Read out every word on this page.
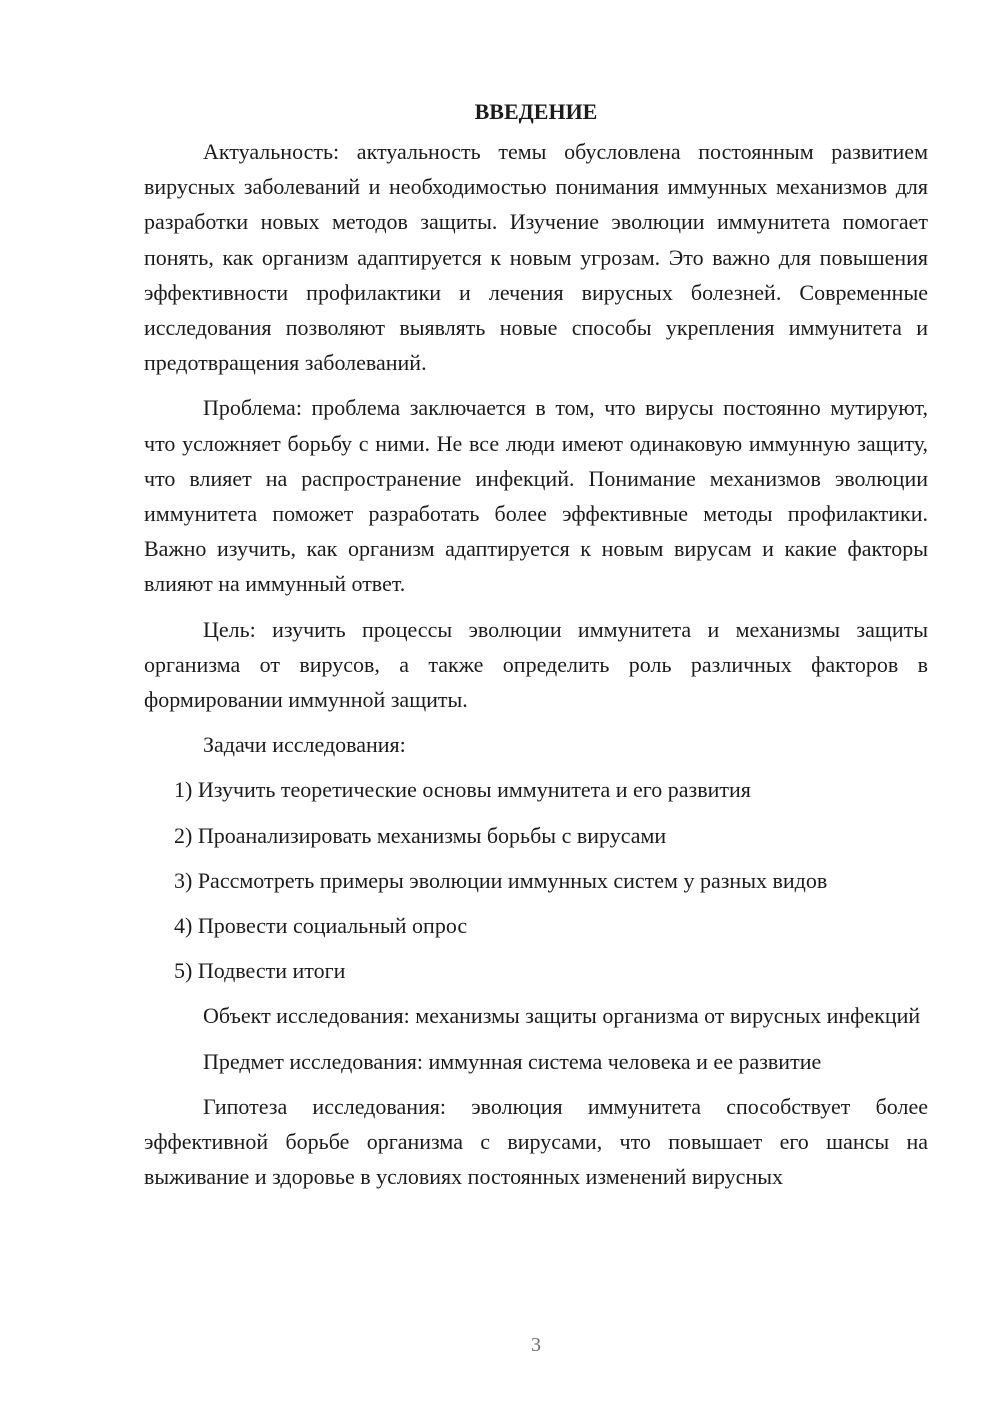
ВВЕДЕНИЕ

Актуальность: актуальность темы обусловлена постоянным развитием вирусных заболеваний и необходимостью понимания иммунных механизмов для разработки новых методов защиты. Изучение эволюции иммунитета помогает понять, как организм адаптируется к новым угрозам. Это важно для повышения эффективности профилактики и лечения вирусных болезней. Современные исследования позволяют выявлять новые способы укрепления иммунитета и предотвращения заболеваний.

Проблема: проблема заключается в том, что вирусы постоянно мутируют, что усложняет борьбу с ними. Не все люди имеют одинаковую иммунную защиту, что влияет на распространение инфекций. Понимание механизмов эволюции иммунитета поможет разработать более эффективные методы профилактики. Важно изучить, как организм адаптируется к новым вирусам и какие факторы влияют на иммунный ответ.

Цель: изучить процессы эволюции иммунитета и механизмы защиты организма от вирусов, а также определить роль различных факторов в формировании иммунной защиты.

Задачи исследования:
1) Изучить теоретические основы иммунитета и его развития
2) Проанализировать механизмы борьбы с вирусами
3) Рассмотреть примеры эволюции иммунных систем у разных видов
4) Провести социальный опрос
5) Подвести итоги

Объект исследования: механизмы защиты организма от вирусных инфекций

Предмет исследования: иммунная система человека и ее развитие

Гипотеза исследования: эволюция иммунитета способствует более эффективной борьбе организма с вирусами, что повышает его шансы на выживание и здоровье в условиях постоянных изменений вирусных

3
